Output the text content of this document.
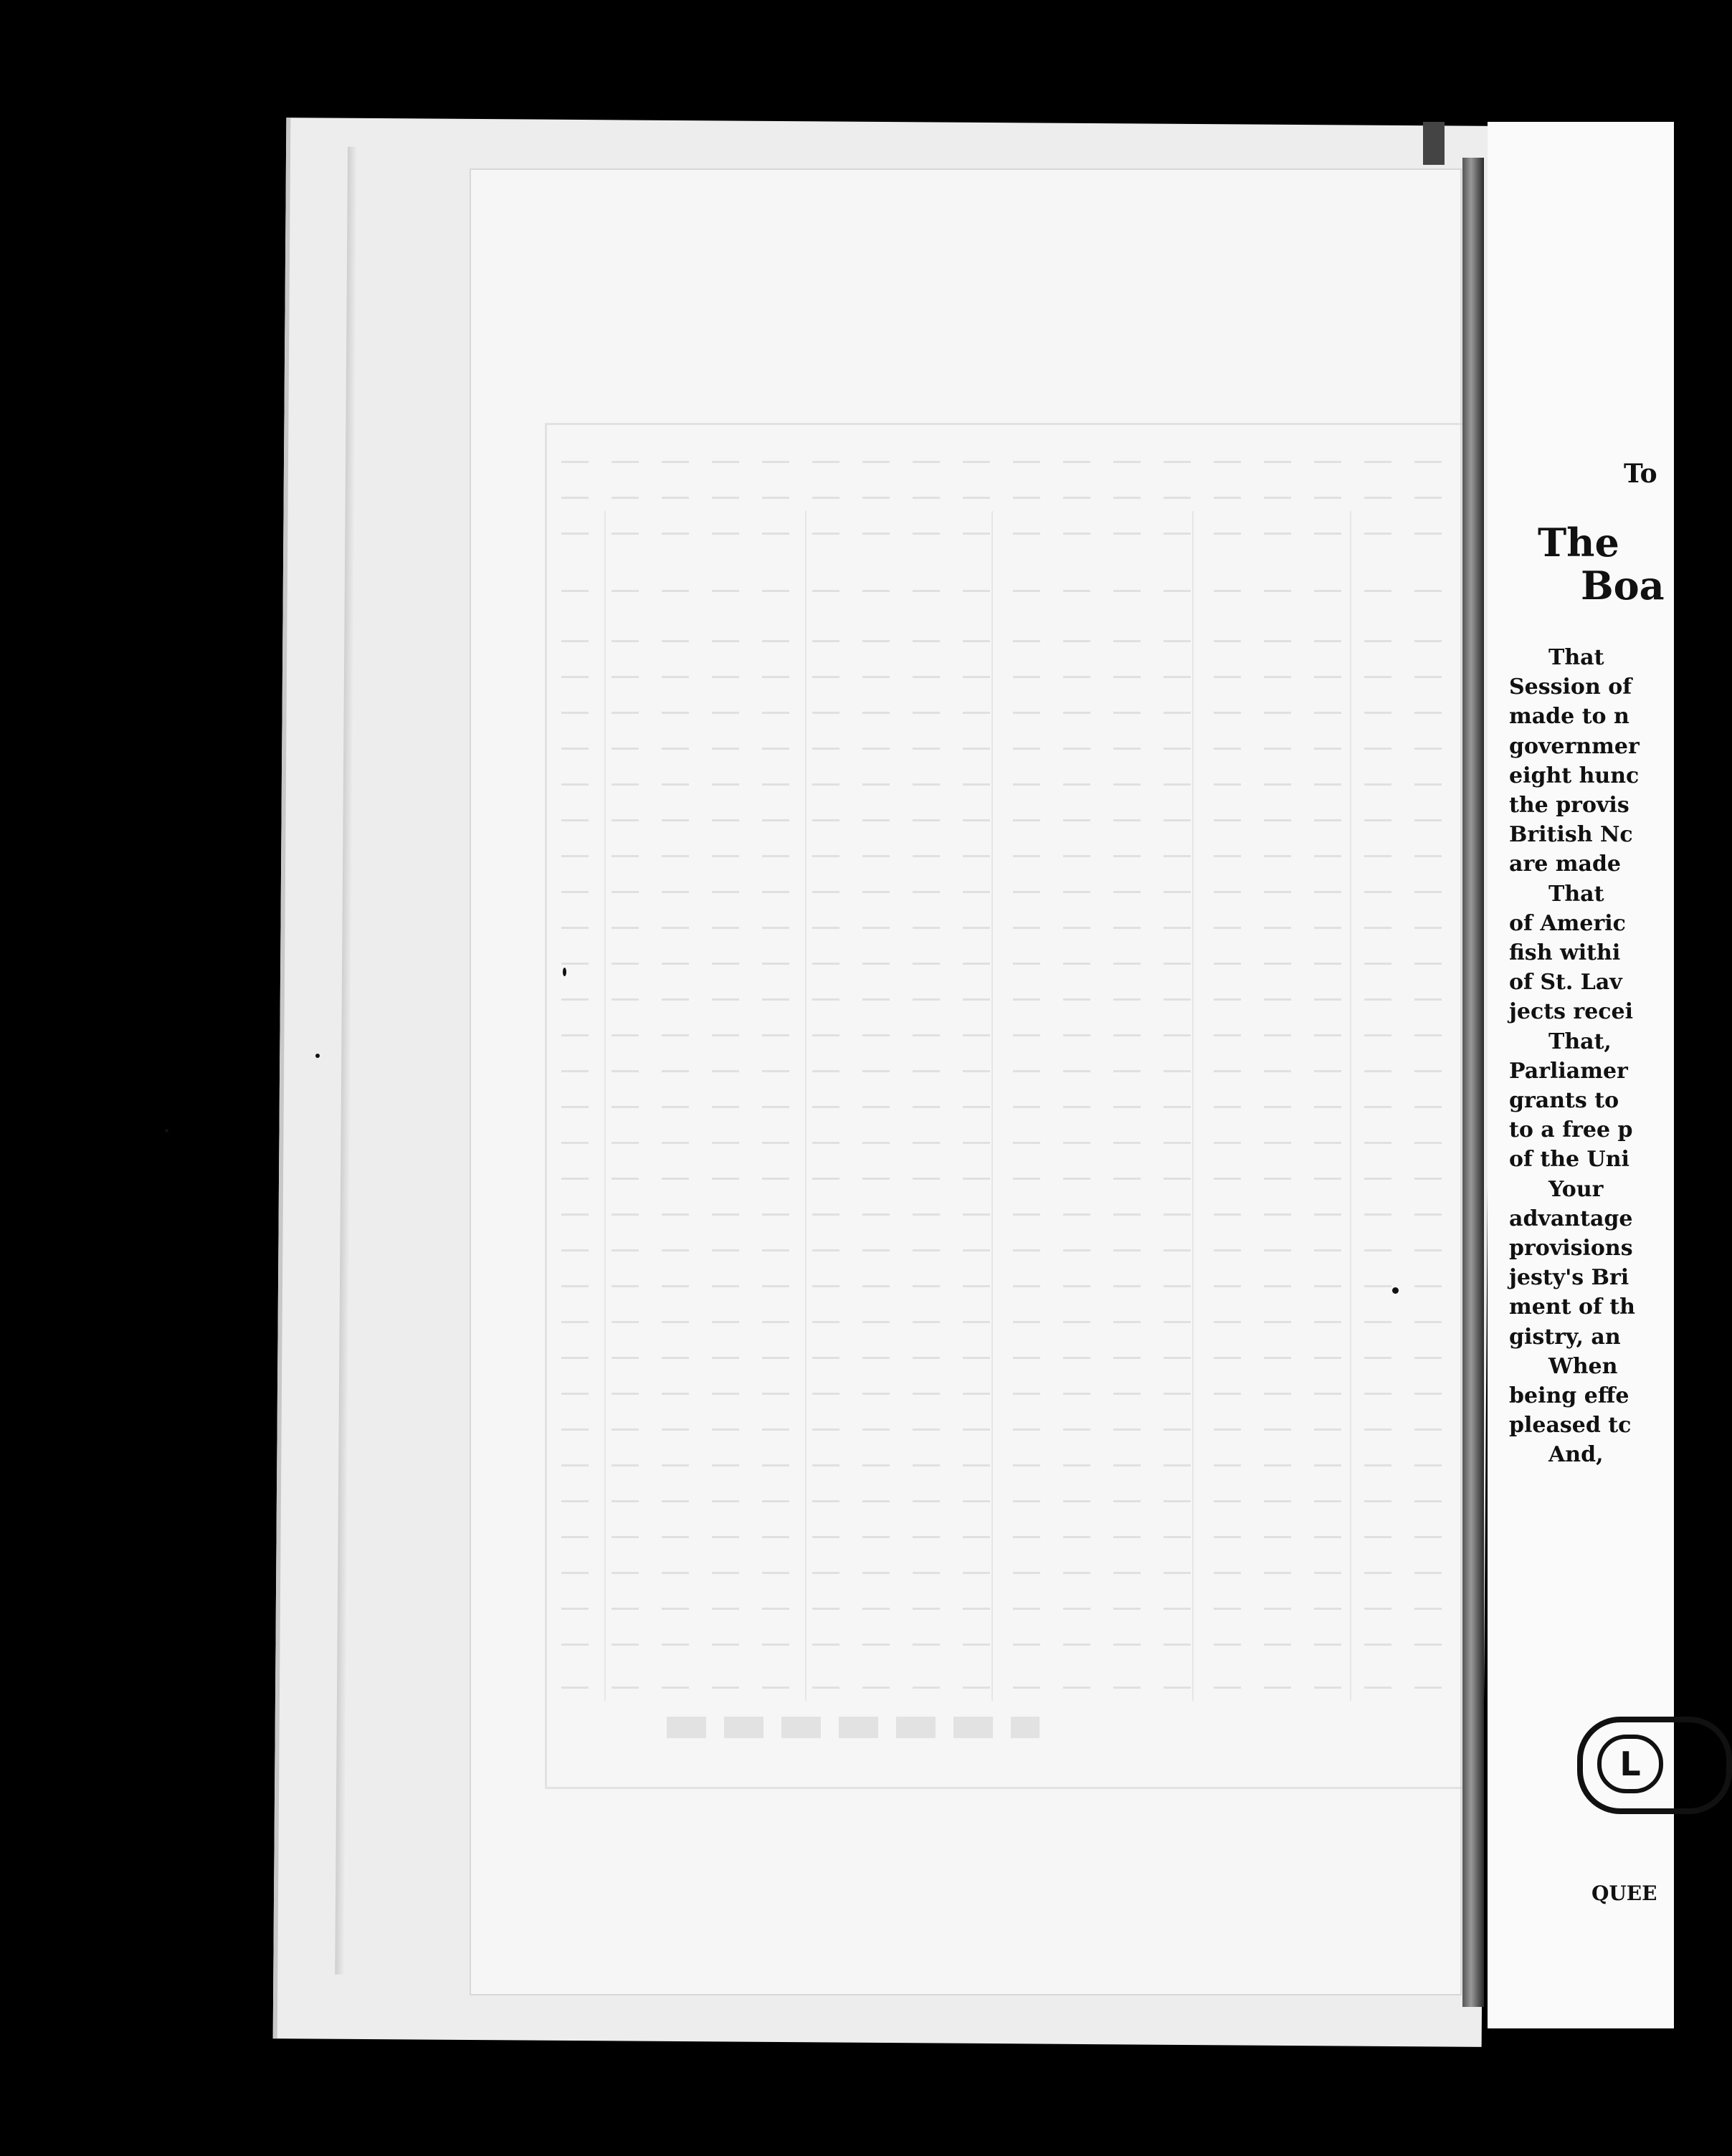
To
The
Boa
That
Session of
made to n
governmer
eight hunc
the provis
British Nc
are made
That
of Americ
fish withi
of St. Lav
jects recei
That,
Parliamer
grants to
to a free p
of the Uni
Your
advantage
provisions
jesty's Bri
ment of th
gistry, an
When
being effe
pleased tc
And,
L
QUEE
